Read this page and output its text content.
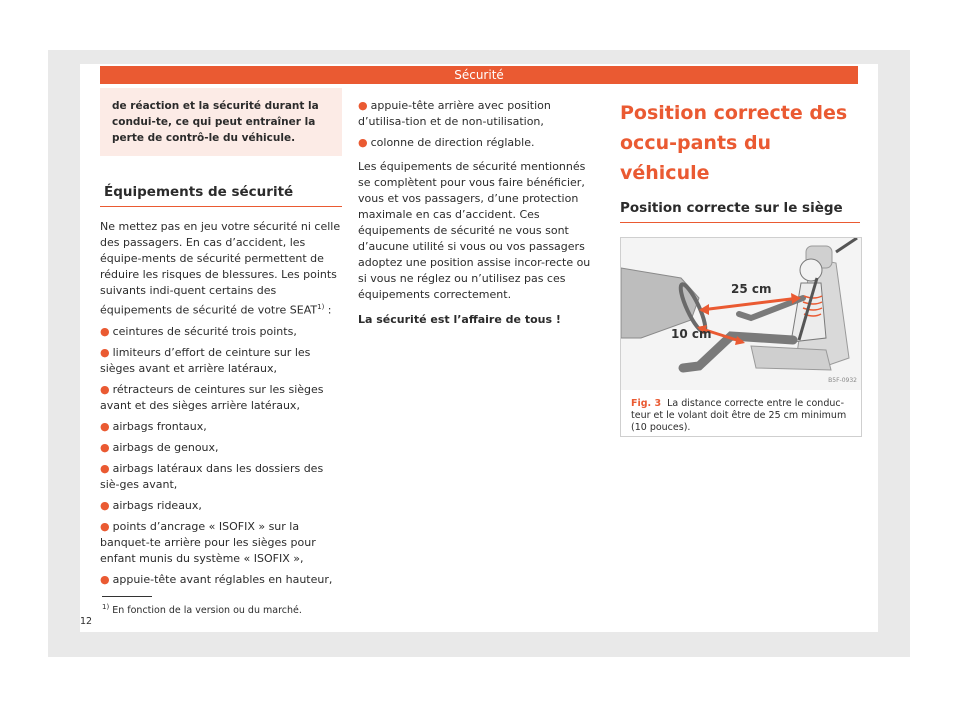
Sécurité
de réaction et la sécurité durant la condui-te, ce qui peut entraîner la perte de contrô-le du véhicule.
Équipements de sécurité

Ne mettez pas en jeu votre sécurité ni celle des passagers. En cas d’accident, les équipe-ments de sécurité permettent de réduire les risques de blessures. Les points suivants indi-quent certains des équipements de sécurité de votre SEAT$^{1)}$ :

● ceintures de sécurité trois points,
● limiteurs d’effort de ceinture sur les sièges avant et arrière latéraux,
● rétracteurs de ceintures sur les sièges avant et des sièges arrière latéraux,
● airbags frontaux,
● airbags de genoux,
● airbags latéraux dans les dossiers des siè-ges avant,
● airbags rideaux,
● points d’ancrage « ISOFIX » sur la banquet-te arrière pour les sièges pour enfant munis du système « ISOFIX »,
● appuie-tête avant réglables en hauteur,
● appuie-tête arrière avec position d’utilisa-tion et de non-utilisation,
● colonne de direction réglable.

Les équipements de sécurité mentionnés se complètent pour vous faire bénéficier, vous et vos passagers, d’une protection maximale en cas d’accident. Ces équipements de sécurité ne vous sont d’aucune utilité si vous ou vos passagers adoptez une position assise incor-recte ou si vous ne réglez ou n’utilisez pas ces équipements correctement.

La sécurité est l’affaire de tous !

Position correcte des occu-pants du véhicule
Position correcte sur le siège
25 cm
10 cm
B5F-0932
Fig. 3 La distance correcte entre le conduc-teur et le volant doit être de 25 cm minimum (10 pouces).
$^{1)}$ En fonction de la version ou du marché.
12
